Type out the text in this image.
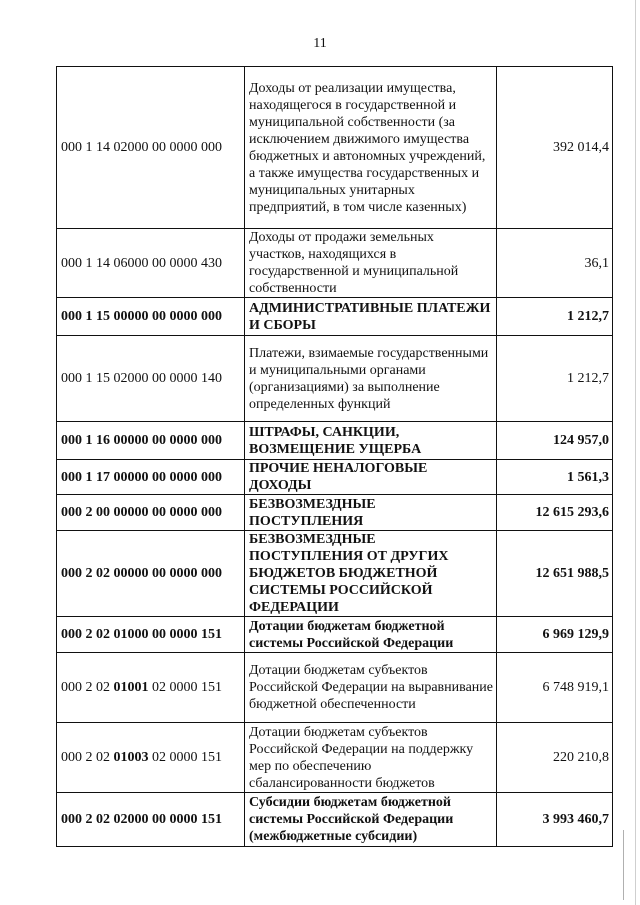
11
000 1 14 02000 00 0000 000	Доходы от реализации имущества, находящегося в государственной и муниципальной собственности (за исключением движимого имущества бюджетных и автономных учреждений, а также имущества государственных и муниципальных унитарных предприятий, в том числе казенных)	392 014,4
000 1 14 06000 00 0000 430	Доходы от продажи земельных участков, находящихся в государственной и муниципальной собственности	36,1
000 1 15 00000 00 0000 000	АДМИНИСТРАТИВНЫЕ ПЛАТЕЖИ И СБОРЫ	1 212,7
000 1 15 02000 00 0000 140	Платежи, взимаемые государственными и муниципальными органами (организациями) за выполнение определенных функций	1 212,7
000 1 16 00000 00 0000 000	ШТРАФЫ, САНКЦИИ, ВОЗМЕЩЕНИЕ УЩЕРБА	124 957,0
000 1 17 00000 00 0000 000	ПРОЧИЕ НЕНАЛОГОВЫЕ ДОХОДЫ	1 561,3
000 2 00 00000 00 0000 000	БЕЗВОЗМЕЗДНЫЕ ПОСТУПЛЕНИЯ	12 615 293,6
000 2 02 00000 00 0000 000	БЕЗВОЗМЕЗДНЫЕ ПОСТУПЛЕНИЯ ОТ ДРУГИХ БЮДЖЕТОВ БЮДЖЕТНОЙ СИСТЕМЫ РОССИЙСКОЙ ФЕДЕРАЦИИ	12 651 988,5
000 2 02 01000 00 0000 151	Дотации бюджетам бюджетной системы Российской Федерации	6 969 129,9
000 2 02 01001 02 0000 151	Дотации бюджетам субъектов Российской Федерации на выравнивание бюджетной обеспеченности	6 748 919,1
000 2 02 01003 02 0000 151	Дотации бюджетам субъектов Российской Федерации на поддержку мер по обеспечению сбалансированности бюджетов	220 210,8
000 2 02 02000 00 0000 151	Субсидии бюджетам бюджетной системы Российской Федерации (межбюджетные субсидии)	3 993 460,7
